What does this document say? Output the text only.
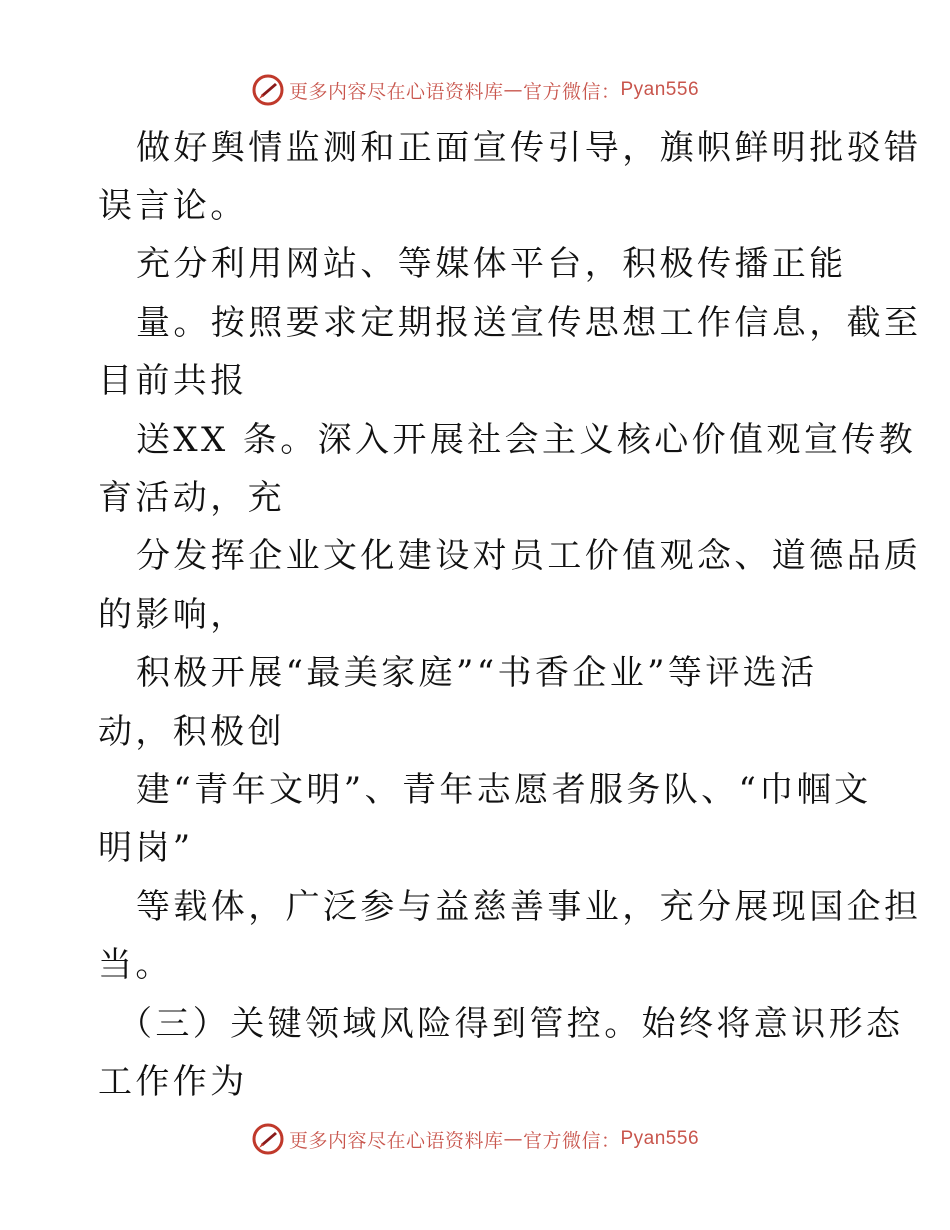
更多内容尽在心语资料库 — 官方微信： Pyan556
做好舆情监测和正面宣传引导，旗帜鲜明批驳错
误言论。
充分利用网站、等媒体平台，积极传播正能
量。按照要求定期报送宣传思想工作信息，截至
目前共报
送XX 条。深入开展社会主义核心价值观宣传教
育活动，充
分发挥企业文化建设对员工价值观念、道德品质
的影响，
积极开展“最美家庭”“书香企业”等评选活
动，积极创
建“青年文明”、青年志愿者服务队、“巾帼文
明岗”
等载体，广泛参与益慈善事业，充分展现国企担
当。
（三）关键领域风险得到管控。始终将意识形态
工作作为
更多内容尽在心语资料库 — 官方微信： Pyan556
